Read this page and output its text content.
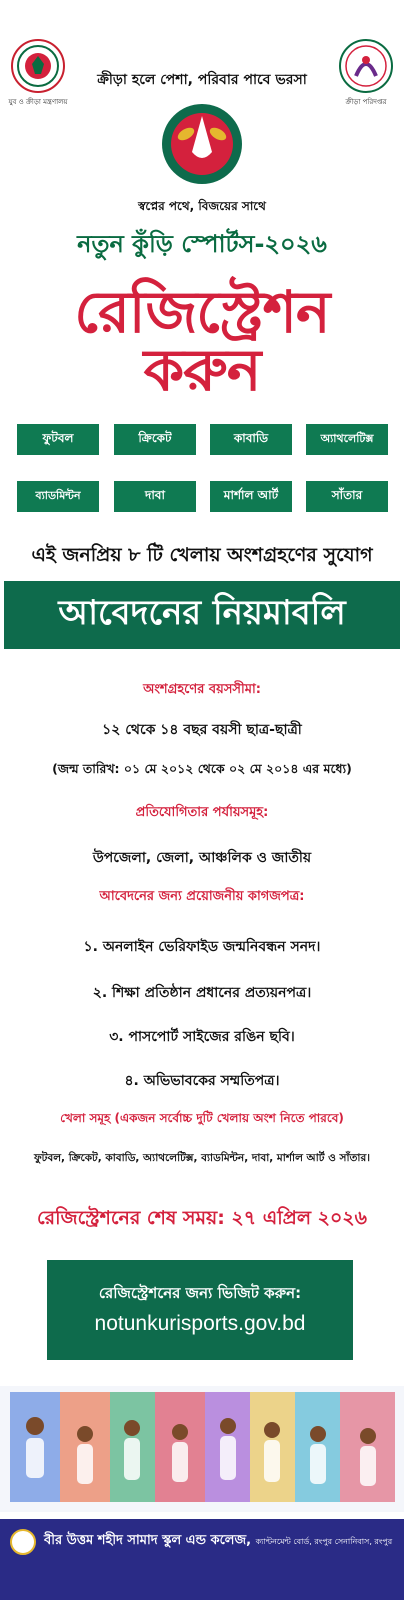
যুব ও ক্রীড়া মন্ত্রণালয়	ক্রীড়া পরিদপ্তর
ক্রীড়া হলে পেশা, পরিবার পাবে ভরসা
স্বপ্নের পথে, বিজয়ের সাথে
নতুন কুঁড়ি স্পোর্টস-২০২৬
রেজিস্ট্রেশন করুন
ফুটবল	ক্রিকেট	কাবাডি	অ্যাথলেটিক্স
ব্যাডমিন্টন	দাবা	মার্শাল আর্ট	সাঁতার
এই জনপ্রিয় ৮ টি খেলায় অংশগ্রহণের সুযোগ
আবেদনের নিয়মাবলি
অংশগ্রহণের বয়সসীমা:
১২ থেকে ১৪ বছর বয়সী ছাত্র-ছাত্রী
(জন্ম তারিখ: ০১ মে ২০১২ থেকে ০২ মে ২০১৪ এর মধ্যে)
প্রতিযোগিতার পর্যায়সমূহ:
উপজেলা, জেলা, আঞ্চলিক ও জাতীয়
আবেদনের জন্য প্রয়োজনীয় কাগজপত্র:
১. অনলাইন ভেরিফাইড জন্মনিবন্ধন সনদ।
২. শিক্ষা প্রতিষ্ঠান প্রধানের প্রত্যয়নপত্র।
৩. পাসপোর্ট সাইজের রঙিন ছবি।
৪. অভিভাবকের সম্মতিপত্র।
খেলা সমূহ (একজন সর্বোচ্চ দুটি খেলায় অংশ নিতে পারবে)
ফুটবল, ক্রিকেট, কাবাডি, অ্যাথলেটিক্স, ব্যাডমিন্টন, দাবা, মার্শাল আর্ট ও সাঁতার।
রেজিস্ট্রেশনের শেষ সময়: ২৭ এপ্রিল ২০২৬
রেজিস্ট্রেশনের জন্য ভিজিট করুন:
notunkurisports.gov.bd
বীর উত্তম শহীদ সামাদ স্কুল এন্ড কলেজ, ক্যান্টনমেন্ট বোর্ড, রংপুর সেনানিবাস, রংপুর
